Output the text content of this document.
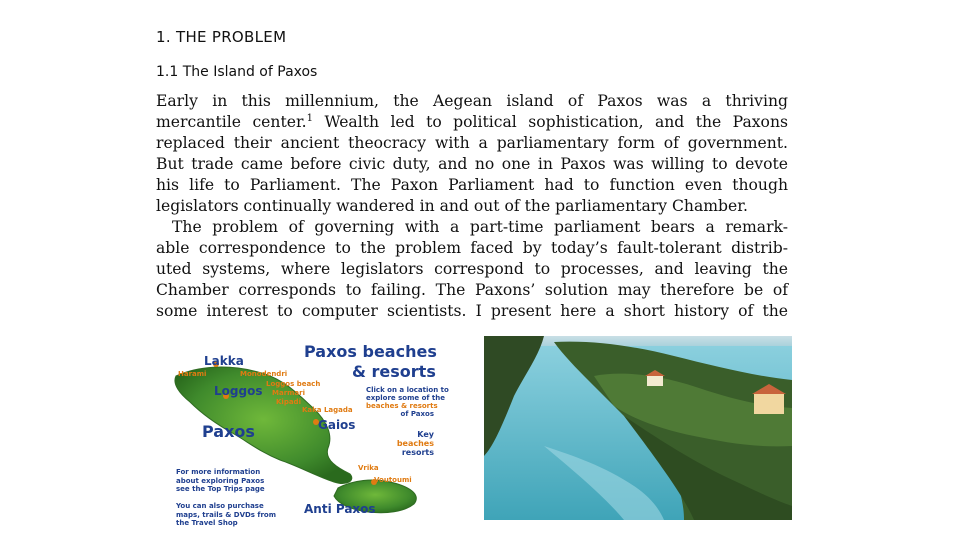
1. THE PROBLEM
1.1 The Island of Paxos
Early in this millennium, the Aegean island of Paxos was a thriving
mercantile center.$^1$ Wealth led to political sophistication, and the Paxons
replaced their ancient theocracy with a parliamentary form of government.
But trade came before civic duty, and no one in Paxos was willing to devote
his life to Parliament. The Paxon Parliament had to function even though
legislators continually wandered in and out of the parliamentary Chamber.
The problem of governing with a part-time parliament bears a remark-
able correspondence to the problem faced by today’s fault-tolerant distrib-
uted systems, where legislators correspond to processes, and leaving the
Chamber corresponds to failing. The Paxons’ solution may therefore be of
some interest to computer scientists. I present here a short history of the
Lakka
Harami	Monodendri
Loggos beach
Marmari
Kipadi
Loggos
Kaka Lagada
Paxos	Gaios
Vrika
Voutoumi
Anti Paxos
Paxos beaches
& resorts
Click on a location to
explore some of the
beaches & resorts
of Paxos
Key
beaches
resorts
For more information
about exploring Paxos
see the Top Trips page
You can also purchase
maps, trails & DVDs from
the Travel Shop
